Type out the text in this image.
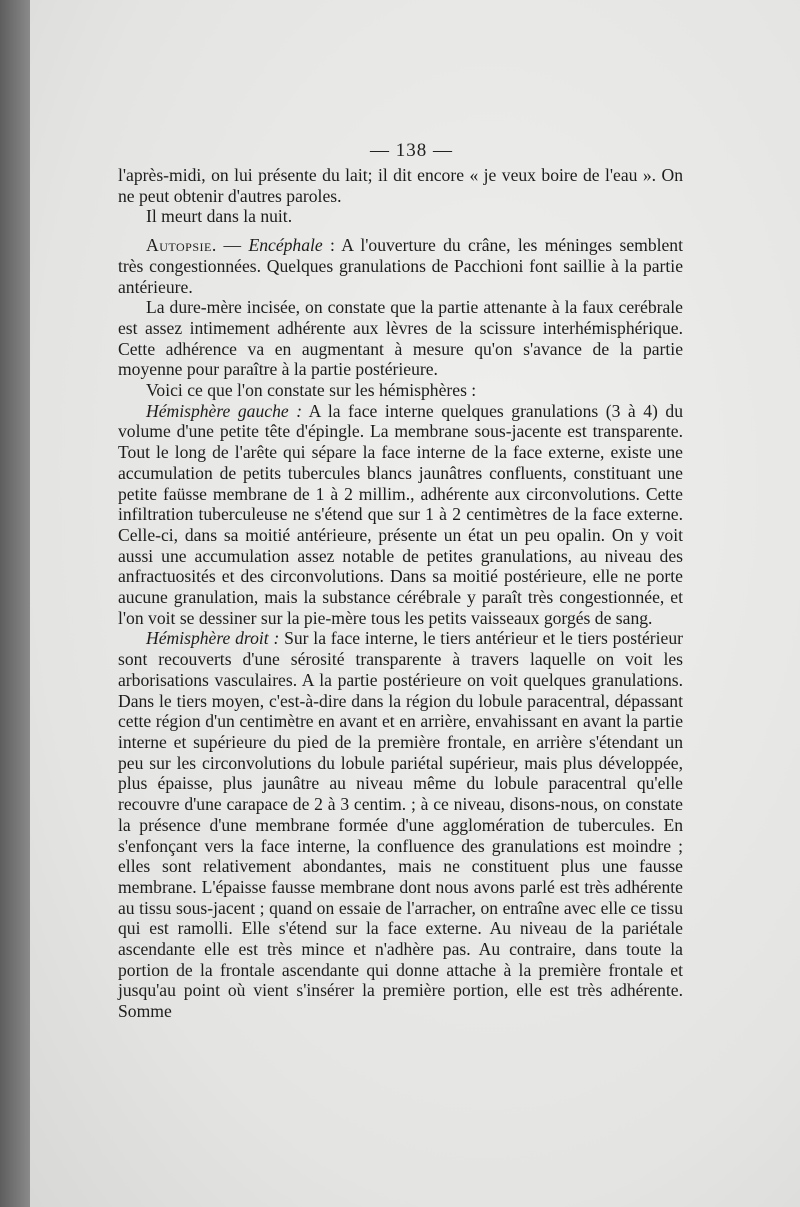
— 138 —

l'après-midi, on lui présente du lait; il dit encore « je veux boire de l'eau ». On ne peut obtenir d'autres paroles.

Il meurt dans la nuit.

Autopsie. — Encéphale : A l'ouverture du crâne, les méninges semblent très congestionnées. Quelques granulations de Pacchioni font saillie à la partie antérieure.

La dure-mère incisée, on constate que la partie attenante à la faux cerébrale est assez intimement adhérente aux lèvres de la scissure interhémisphérique. Cette adhérence va en augmentant à mesure qu'on s'avance de la partie moyenne pour paraître à la partie postérieure.

Voici ce que l'on constate sur les hémisphères :

Hémisphère gauche : A la face interne quelques granulations (3 à 4) du volume d'une petite tête d'épingle. La membrane sous-jacente est transparente. Tout le long de l'arête qui sépare la face interne de la face externe, existe une accumulation de petits tubercules blancs jaunâtres confluents, constituant une petite faüsse membrane de 1 à 2 millim., adhérente aux circonvolutions. Cette infiltration tuberculeuse ne s'étend que sur 1 à 2 centimètres de la face externe. Celle-ci, dans sa moitié antérieure, présente un état un peu opalin. On y voit aussi une accumulation assez notable de petites granulations, au niveau des anfractuosités et des circonvolutions. Dans sa moitié postérieure, elle ne porte aucune granulation, mais la substance cérébrale y paraît très congestionnée, et l'on voit se dessiner sur la pie-mère tous les petits vaisseaux gorgés de sang.

Hémisphère droit : Sur la face interne, le tiers antérieur et le tiers postérieur sont recouverts d'une sérosité transparente à travers laquelle on voit les arborisations vasculaires. A la partie postérieure on voit quelques granulations. Dans le tiers moyen, c'est-à-dire dans la région du lobule paracentral, dépassant cette région d'un centimètre en avant et en arrière, envahissant en avant la partie interne et supérieure du pied de la première frontale, en arrière s'étendant un peu sur les circonvolutions du lobule pariétal supérieur, mais plus développée, plus épaisse, plus jaunâtre au niveau même du lobule paracentral qu'elle recouvre d'une carapace de 2 à 3 centim. ; à ce niveau, disons-nous, on constate la présence d'une membrane formée d'une agglomération de tubercules. En s'enfonçant vers la face interne, la confluence des granulations est moindre ; elles sont relativement abondantes, mais ne constituent plus une fausse membrane. L'épaisse fausse membrane dont nous avons parlé est très adhérente au tissu sous-jacent ; quand on essaie de l'arracher, on entraîne avec elle ce tissu qui est ramolli. Elle s'étend sur la face externe. Au niveau de la pariétale ascendante elle est très mince et n'adhère pas. Au contraire, dans toute la portion de la frontale ascendante qui donne attache à la première frontale et jusqu'au point où vient s'insérer la première portion, elle est très adhérente. Somme
